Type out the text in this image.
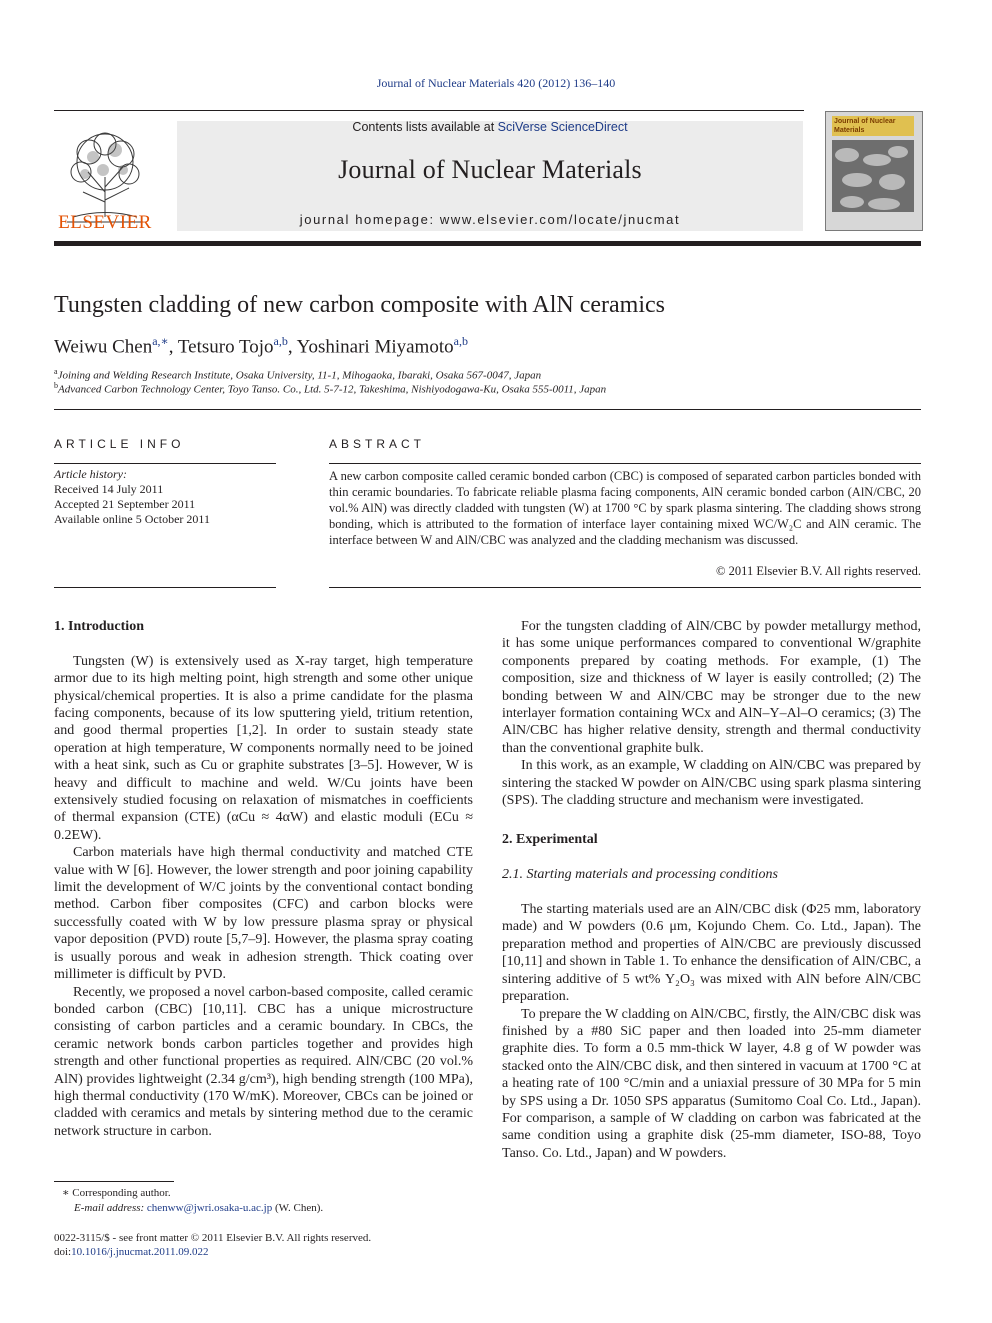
Journal of Nuclear Materials 420 (2012) 136–140
ELSEVIER
Contents lists available at SciVerse ScienceDirect
Journal of Nuclear Materials
journal homepage: www.elsevier.com/locate/jnucmat
Journal of Nuclear Materials
Tungsten cladding of new carbon composite with AlN ceramics
Weiwu Chen$^{a,∗}$, Tetsuro Tojo$^{a,b}$, Yoshinari Miyamoto$^{a,b}$
$^a$Joining and Welding Research Institute, Osaka University, 11-1, Mihogaoka, Ibaraki, Osaka 567-0047, Japan
$^b$Advanced Carbon Technology Center, Toyo Tanso. Co., Ltd. 5-7-12, Takeshima, Nishiyodogawa-Ku, Osaka 555-0011, Japan
ARTICLE INFO
Article history:
Received 14 July 2011
Accepted 21 September 2011
Available online 5 October 2011
ABSTRACT
A new carbon composite called ceramic bonded carbon (CBC) is composed of separated carbon particles bonded with thin ceramic boundaries. To fabricate reliable plasma facing components, AlN ceramic bonded carbon (AlN/CBC, 20 vol.% AlN) was directly cladded with tungsten (W) at 1700 °C by spark plasma sintering. The cladding shows strong bonding, which is attributed to the formation of interface layer containing mixed WC/W₂C and AlN ceramic. The interface between W and AlN/CBC was analyzed and the cladding mechanism was discussed.
© 2011 Elsevier B.V. All rights reserved.
1. Introduction

Tungsten (W) is extensively used as X-ray target, high temperature armor due to its high melting point, high strength and some other unique physical/chemical properties. It is also a prime candidate for the plasma facing components, because of its low sputtering yield, tritium retention, and good thermal properties [1,2]. In order to sustain steady state operation at high temperature, W components normally need to be joined with a heat sink, such as Cu or graphite substrates [3–5]. However, W is heavy and difficult to machine and weld. W/Cu joints have been extensively studied focusing on relaxation of mismatches in coefficients of thermal expansion (CTE) (αCu ≈ 4αW) and elastic moduli (ECu ≈ 0.2EW).

Carbon materials have high thermal conductivity and matched CTE value with W [6]. However, the lower strength and poor joining capability limit the development of W/C joints by the conventional contact bonding method. Carbon fiber composites (CFC) and carbon blocks were successfully coated with W by low pressure plasma spray or physical vapor deposition (PVD) route [5,7–9]. However, the plasma spray coating is usually porous and weak in adhesion strength. Thick coating over millimeter is difficult by PVD.

Recently, we proposed a novel carbon-based composite, called ceramic bonded carbon (CBC) [10,11]. CBC has a unique microstructure consisting of carbon particles and a ceramic boundary. In CBCs, the ceramic network bonds carbon particles together and provides high strength and other functional properties as required. AlN/CBC (20 vol.% AlN) provides lightweight (2.34 g/cm³), high bending strength (100 MPa), high thermal conductivity (170 W/mK). Moreover, CBCs can be joined or cladded with ceramics and metals by sintering method due to the ceramic network structure in carbon.

For the tungsten cladding of AlN/CBC by powder metallurgy method, it has some unique performances compared to conventional W/graphite components prepared by coating methods. For example, (1) The composition, size and thickness of W layer is easily controlled; (2) The bonding between W and AlN/CBC may be stronger due to the new interlayer formation containing WCx and AlN–Y–Al–O ceramics; (3) The AlN/CBC has higher relative density, strength and thermal conductivity than the conventional graphite bulk.

In this work, as an example, W cladding on AlN/CBC was prepared by sintering the stacked W powder on AlN/CBC using spark plasma sintering (SPS). The cladding structure and mechanism were investigated.

2. Experimental
2.1. Starting materials and processing conditions

The starting materials used are an AlN/CBC disk (Φ25 mm, laboratory made) and W powders (0.6 μm, Kojundo Chem. Co. Ltd., Japan). The preparation method and properties of AlN/CBC are previously discussed [10,11] and shown in Table 1. To enhance the densification of AlN/CBC, a sintering additive of 5 wt% Y₂O₃ was mixed with AlN before AlN/CBC preparation.

To prepare the W cladding on AlN/CBC, firstly, the AlN/CBC disk was finished by a #80 SiC paper and then loaded into 25-mm diameter graphite dies. To form a 0.5 mm-thick W layer, 4.8 g of W powder was stacked onto the AlN/CBC disk, and then sintered in vacuum at 1700 °C at a heating rate of 100 °C/min and a uniaxial pressure of 30 MPa for 5 min by SPS using a Dr. 1050 SPS apparatus (Sumitomo Coal Co. Ltd., Japan). For comparison, a sample of W cladding on carbon was fabricated at the same condition using a graphite disk (25-mm diameter, ISO-88, Toyo Tanso. Co. Ltd., Japan) and W powders.

∗ Corresponding author.
E-mail address: chenww@jwri.osaka-u.ac.jp (W. Chen).
0022-3115/$ - see front matter © 2011 Elsevier B.V. All rights reserved.
doi:10.1016/j.jnucmat.2011.09.022
